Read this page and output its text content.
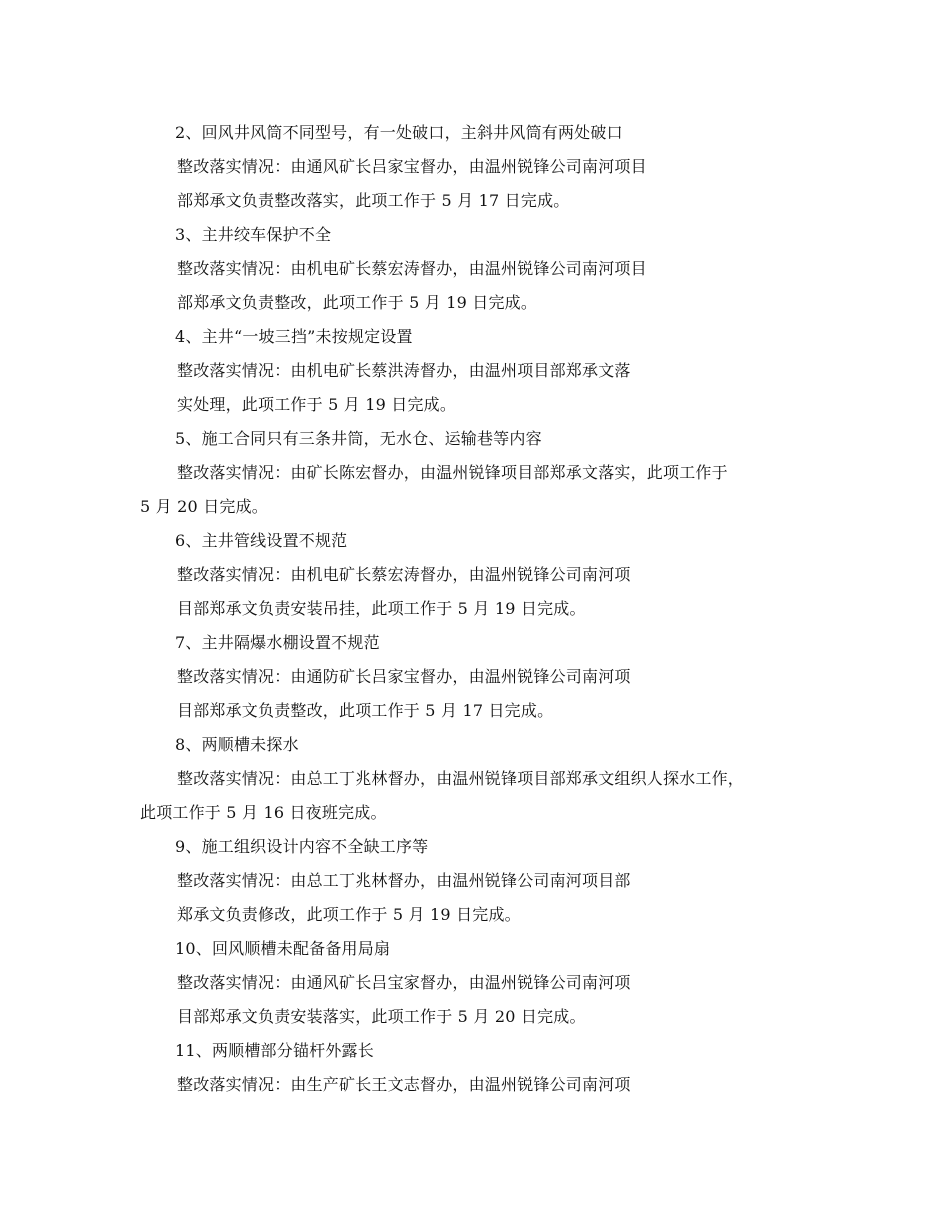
2、回风井风筒不同型号，有一处破口，主斜井风筒有两处破口
整改落实情况：由通风矿长吕家宝督办，由温州锐锋公司南河项目
部郑承文负责整改落实，此项工作于 5 月 17 日完成。
3、主井绞车保护不全
整改落实情况：由机电矿长蔡宏涛督办，由温州锐锋公司南河项目
部郑承文负责整改，此项工作于 5 月 19 日完成。
4、主井“一坡三挡”未按规定设置
整改落实情况：由机电矿长蔡洪涛督办，由温州项目部郑承文落
实处理，此项工作于 5 月 19 日完成。
5、施工合同只有三条井筒，无水仓、运输巷等内容
整改落实情况：由矿长陈宏督办，由温州锐锋项目部郑承文落实，此项工作于
5 月 20 日完成。
6、主井管线设置不规范
整改落实情况：由机电矿长蔡宏涛督办，由温州锐锋公司南河项
目部郑承文负责安装吊挂，此项工作于 5 月 19 日完成。
7、主井隔爆水棚设置不规范
整改落实情况：由通防矿长吕家宝督办，由温州锐锋公司南河项
目部郑承文负责整改，此项工作于 5 月 17 日完成。
8、两顺槽未探水
整改落实情况：由总工丁兆林督办，由温州锐锋项目部郑承文组织人探水工作，
此项工作于 5 月 16 日夜班完成。
9、施工组织设计内容不全缺工序等
整改落实情况：由总工丁兆林督办，由温州锐锋公司南河项目部
郑承文负责修改，此项工作于 5 月 19 日完成。
10、回风顺槽未配备备用局扇
整改落实情况：由通风矿长吕宝家督办，由温州锐锋公司南河项
目部郑承文负责安装落实，此项工作于 5 月 20 日完成。
11、两顺槽部分锚杆外露长
整改落实情况：由生产矿长王文志督办，由温州锐锋公司南河项
